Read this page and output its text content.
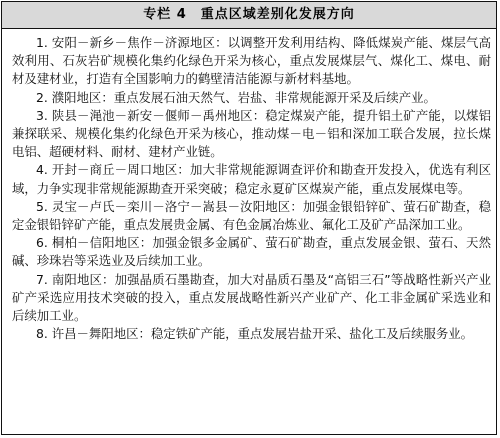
专栏 4　重点区域差别化发展方向

1. 安阳－新乡－焦作－济源地区：以调整开发利用结构、降低煤炭产能、煤层气高效利用、石灰岩矿规模化集约化绿色开采为核心，重点发展煤层气、煤化工、煤电、耐材及建材业，打造有全国影响力的鹤壁清洁能源与新材料基地。

2. 濮阳地区：重点发展石油天然气、岩盐、非常规能源开采及后续产业。

3. 陕县－渑池－新安－偃师－禹州地区：稳定煤炭产能，提升铝土矿产能，以煤铝兼探联采、规模化集约化绿色开采为核心，推动煤－电－铝和深加工联合发展，拉长煤电铝、超硬材料、耐材、建材产业链。

4. 开封－商丘－周口地区：加大非常规能源调查评价和勘查开发投入，优选有利区域，力争实现非常规能源勘查开采突破；稳定永夏矿区煤炭产能，重点发展煤电等。

5. 灵宝－卢氏－栾川－洛宁－嵩县－汝阳地区：加强金银铅锌矿、萤石矿勘查，稳定金银铅锌矿产能，重点发展贵金属、有色金属冶炼业、氟化工及矿产品深加工业。

6. 桐柏－信阳地区：加强金银多金属矿、萤石矿勘查，重点发展金银、萤石、天然碱、珍珠岩等采选业及后续加工业。

7. 南阳地区：加强晶质石墨勘查，加大对晶质石墨及“高铝三石”等战略性新兴产业矿产采选应用技术突破的投入，重点发展战略性新兴产业矿产、化工非金属矿采选业和后续加工业。

8. 许昌－舞阳地区：稳定铁矿产能，重点发展岩盐开采、盐化工及后续服务业。
